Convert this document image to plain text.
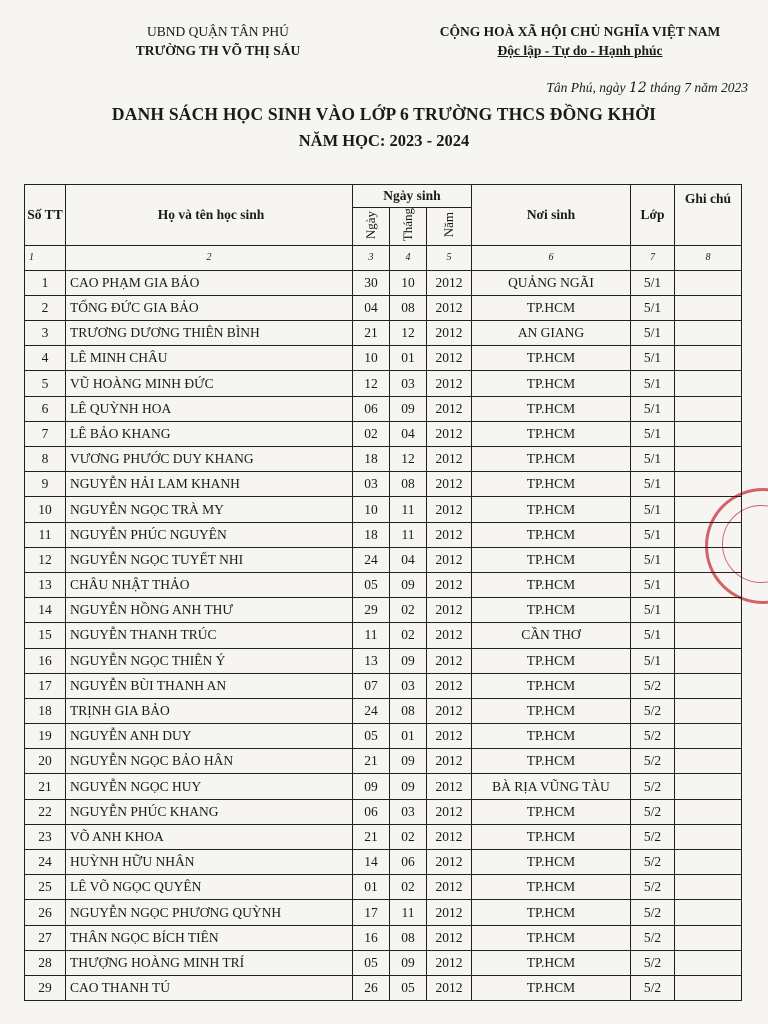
UBND QUẬN TÂN PHÚ
TRƯỜNG TH VÕ THỊ SÁU
CỘNG HOÀ XÃ HỘI CHỦ NGHĨA VIỆT NAM
Độc lập - Tự do - Hạnh phúc
Tân Phú, ngày 12 tháng 7 năm 2023
DANH SÁCH HỌC SINH VÀO LỚP 6 TRƯỜNG THCS ĐỒNG KHỞI
NĂM HỌC: 2023 - 2024
Số TT	Họ và tên học sinh	Ngày sinh			Nơi sinh	Lớp	Ghi chú
		Ngày	Tháng	Năm			
1	2	3	4	5	6	7	8
1	CAO PHẠM GIA BẢO	30	10	2012	QUẢNG NGÃI	5/1	
2	TỐNG ĐỨC GIA BẢO	04	08	2012	TP.HCM	5/1	
3	TRƯƠNG DƯƠNG THIÊN BÌNH	21	12	2012	AN GIANG	5/1	
4	LÊ MINH CHÂU	10	01	2012	TP.HCM	5/1	
5	VŨ HOÀNG MINH ĐỨC	12	03	2012	TP.HCM	5/1	
6	LÊ QUỲNH HOA	06	09	2012	TP.HCM	5/1	
7	LÊ BẢO KHANG	02	04	2012	TP.HCM	5/1	
8	VƯƠNG PHƯỚC DUY KHANG	18	12	2012	TP.HCM	5/1	
9	NGUYỄN HẢI LAM KHANH	03	08	2012	TP.HCM	5/1	
10	NGUYỄN NGỌC TRÀ MY	10	11	2012	TP.HCM	5/1	
11	NGUYỄN PHÚC NGUYÊN	18	11	2012	TP.HCM	5/1	
12	NGUYỄN NGỌC TUYẾT NHI	24	04	2012	TP.HCM	5/1	
13	CHÂU NHẬT THẢO	05	09	2012	TP.HCM	5/1	
14	NGUYỄN HỒNG ANH THƯ	29	02	2012	TP.HCM	5/1	
15	NGUYỄN THANH TRÚC	11	02	2012	CẦN THƠ	5/1	
16	NGUYỄN NGỌC THIÊN Ý	13	09	2012	TP.HCM	5/1	
17	NGUYỄN BÙI THANH AN	07	03	2012	TP.HCM	5/2	
18	TRỊNH GIA BẢO	24	08	2012	TP.HCM	5/2	
19	NGUYỄN ANH DUY	05	01	2012	TP.HCM	5/2	
20	NGUYỄN NGỌC BẢO HÂN	21	09	2012	TP.HCM	5/2	
21	NGUYỄN NGỌC HUY	09	09	2012	BÀ RỊA VŨNG TÀU	5/2	
22	NGUYỄN PHÚC KHANG	06	03	2012	TP.HCM	5/2	
23	VÕ ANH KHOA	21	02	2012	TP.HCM	5/2	
24	HUỲNH HỮU NHÂN	14	06	2012	TP.HCM	5/2	
25	LÊ VÕ NGỌC QUYÊN	01	02	2012	TP.HCM	5/2	
26	NGUYỄN NGỌC PHƯƠNG QUỲNH	17	11	2012	TP.HCM	5/2	
27	THÂN NGỌC BÍCH TIÊN	16	08	2012	TP.HCM	5/2	
28	THƯỢNG HOÀNG MINH TRÍ	05	09	2012	TP.HCM	5/2	
29	CAO THANH TÚ	26	05	2012	TP.HCM	5/2	
